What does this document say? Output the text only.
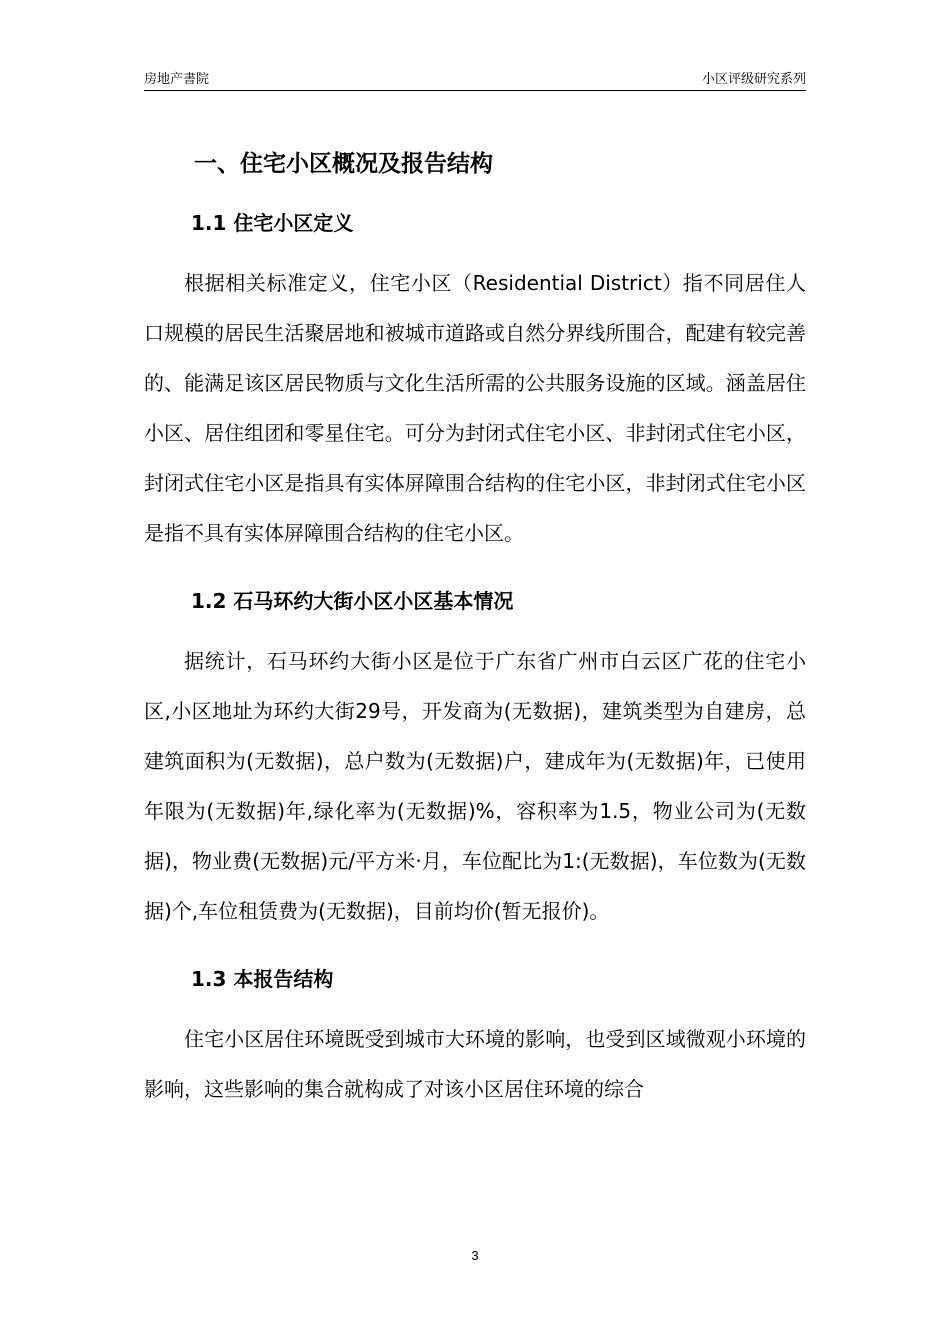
房地产書院	小区评级研究系列
一、住宅小区概况及报告结构
1.1 住宅小区定义

根据相关标准定义，住宅小区（Residential District）指不同居住人口规模的居民生活聚居地和被城市道路或自然分界线所围合，配建有较完善的、能满足该区居民物质与文化生活所需的公共服务设施的区域。涵盖居住小区、居住组团和零星住宅。可分为封闭式住宅小区、非封闭式住宅小区，封闭式住宅小区是指具有实体屏障围合结构的住宅小区，非封闭式住宅小区是指不具有实体屏障围合结构的住宅小区。

1.2 石马环约大街小区小区基本情况

据统计，石马环约大街小区是位于广东省广州市白云区广花的住宅小区,小区地址为环约大街29号，开发商为(无数据)，建筑类型为自建房，总建筑面积为(无数据)，总户数为(无数据)户，建成年为(无数据)年，已使用年限为(无数据)年,绿化率为(无数据)%，容积率为1.5，物业公司为(无数据)，物业费(无数据)元/平方米·月，车位配比为1:(无数据)，车位数为(无数据)个,车位租赁费为(无数据)，目前均价(暂无报价)。

1.3 本报告结构

住宅小区居住环境既受到城市大环境的影响，也受到区域微观小环境的影响，这些影响的集合就构成了对该小区居住环境的综合

3
